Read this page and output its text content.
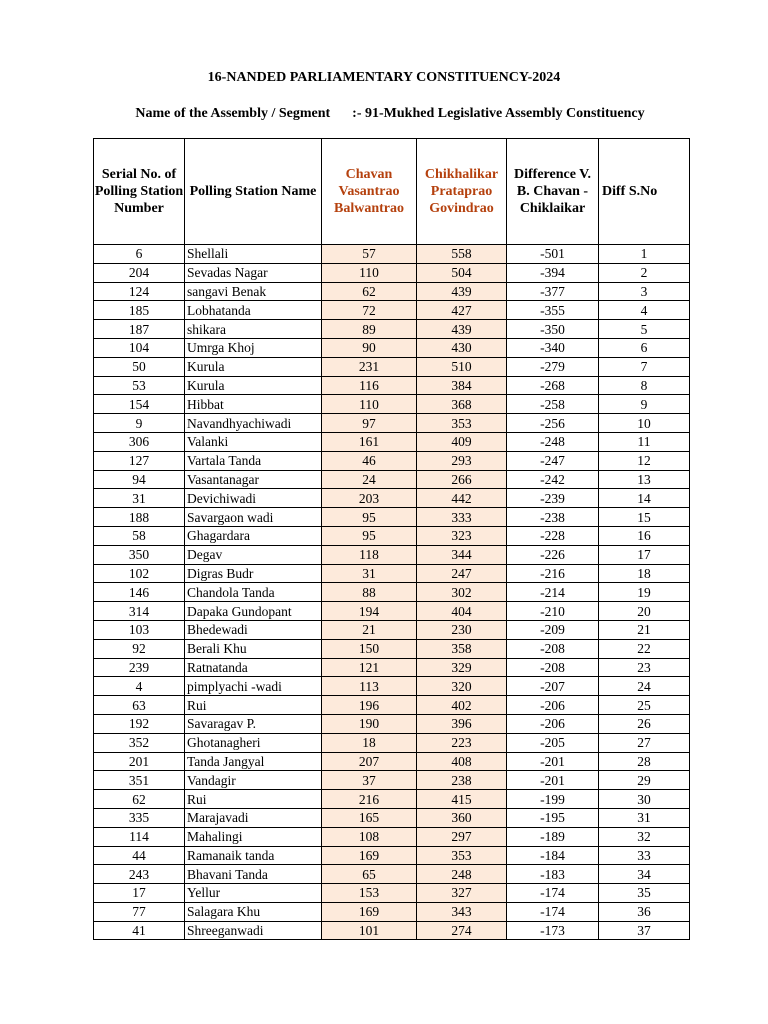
16-NANDED PARLIAMENTARY CONSTITUENCY-2024
Name of the Assembly / Segment :- 91-Mukhed Legislative Assembly Constituency
Serial No. of Polling Station Number	Polling Station Name	Chavan Vasantrao Balwantrao	Chikhalikar Prataprao Govindrao	Difference V. B. Chavan - Chiklaikar	Diff S.No
6	Shellali	57	558	-501	1
204	Sevadas Nagar	110	504	-394	2
124	sangavi Benak	62	439	-377	3
185	Lobhatanda	72	427	-355	4
187	shikara	89	439	-350	5
104	Umrga Khoj	90	430	-340	6
50	Kurula	231	510	-279	7
53	Kurula	116	384	-268	8
154	Hibbat	110	368	-258	9
9	Navandhyachiwadi	97	353	-256	10
306	Valanki	161	409	-248	11
127	Vartala Tanda	46	293	-247	12
94	Vasantanagar	24	266	-242	13
31	Devichiwadi	203	442	-239	14
188	Savargaon wadi	95	333	-238	15
58	Ghagardara	95	323	-228	16
350	Degav	118	344	-226	17
102	Digras Budr	31	247	-216	18
146	Chandola Tanda	88	302	-214	19
314	Dapaka Gundopant	194	404	-210	20
103	Bhedewadi	21	230	-209	21
92	Berali Khu	150	358	-208	22
239	Ratnatanda	121	329	-208	23
4	pimplyachi -wadi	113	320	-207	24
63	Rui	196	402	-206	25
192	Savaragav P.	190	396	-206	26
352	Ghotanagheri	18	223	-205	27
201	Tanda Jangyal	207	408	-201	28
351	Vandagir	37	238	-201	29
62	Rui	216	415	-199	30
335	Marajavadi	165	360	-195	31
114	Mahalingi	108	297	-189	32
44	Ramanaik tanda	169	353	-184	33
243	Bhavani Tanda	65	248	-183	34
17	Yellur	153	327	-174	35
77	Salagara Khu	169	343	-174	36
41	Shreeganwadi	101	274	-173	37
